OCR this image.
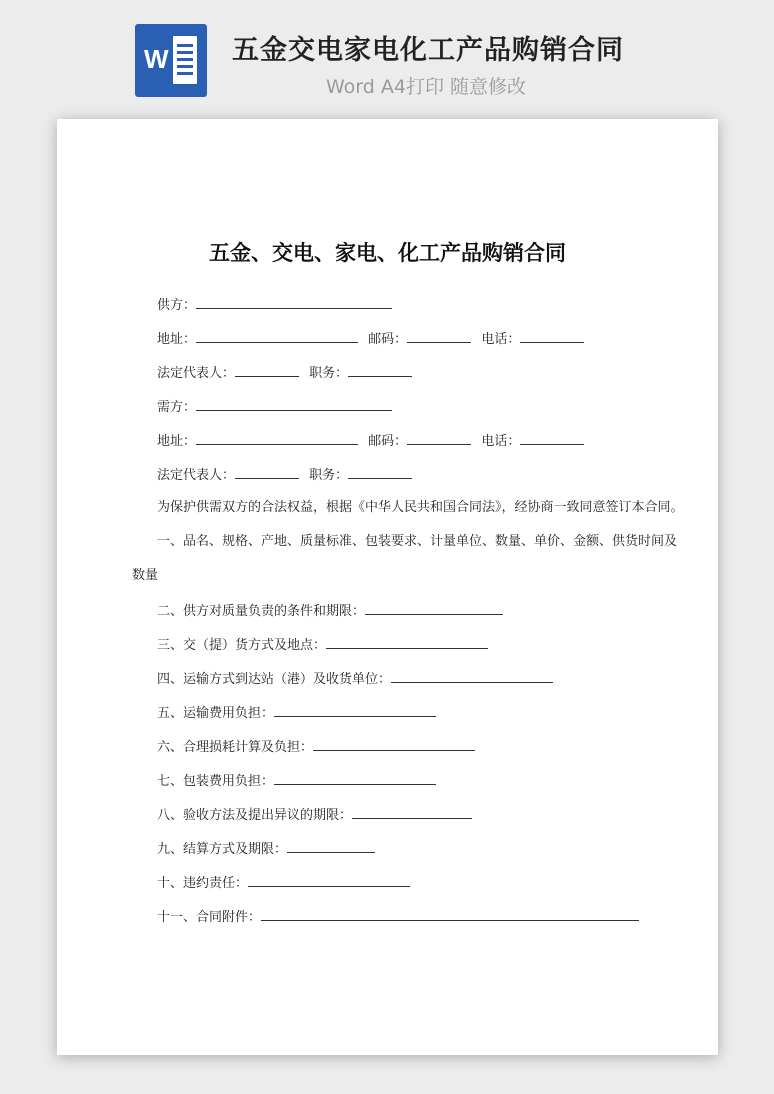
W 五金交电家电化工产品购销合同
Word A4打印 随意修改
五金、交电、家电、化工产品购销合同
供方：
地址：	邮码：	电话：
法定代表人：	职务：
需方：
地址：	邮码：	电话：
法定代表人：	职务：
为保护供需双方的合法权益，根据《中华人民共和国合同法》，经协商一致同意签订本合同。
一、品名、规格、产地、质量标准、包装要求、计量单位、数量、单价、金额、供货时间及
数量
二、供方对质量负责的条件和期限：
三、交（提）货方式及地点：
四、运输方式到达站（港）及收货单位：
五、运输费用负担：
六、合理损耗计算及负担：
七、包装费用负担：
八、验收方法及提出异议的期限：
九、结算方式及期限：
十、违约责任：
十一、合同附件：
